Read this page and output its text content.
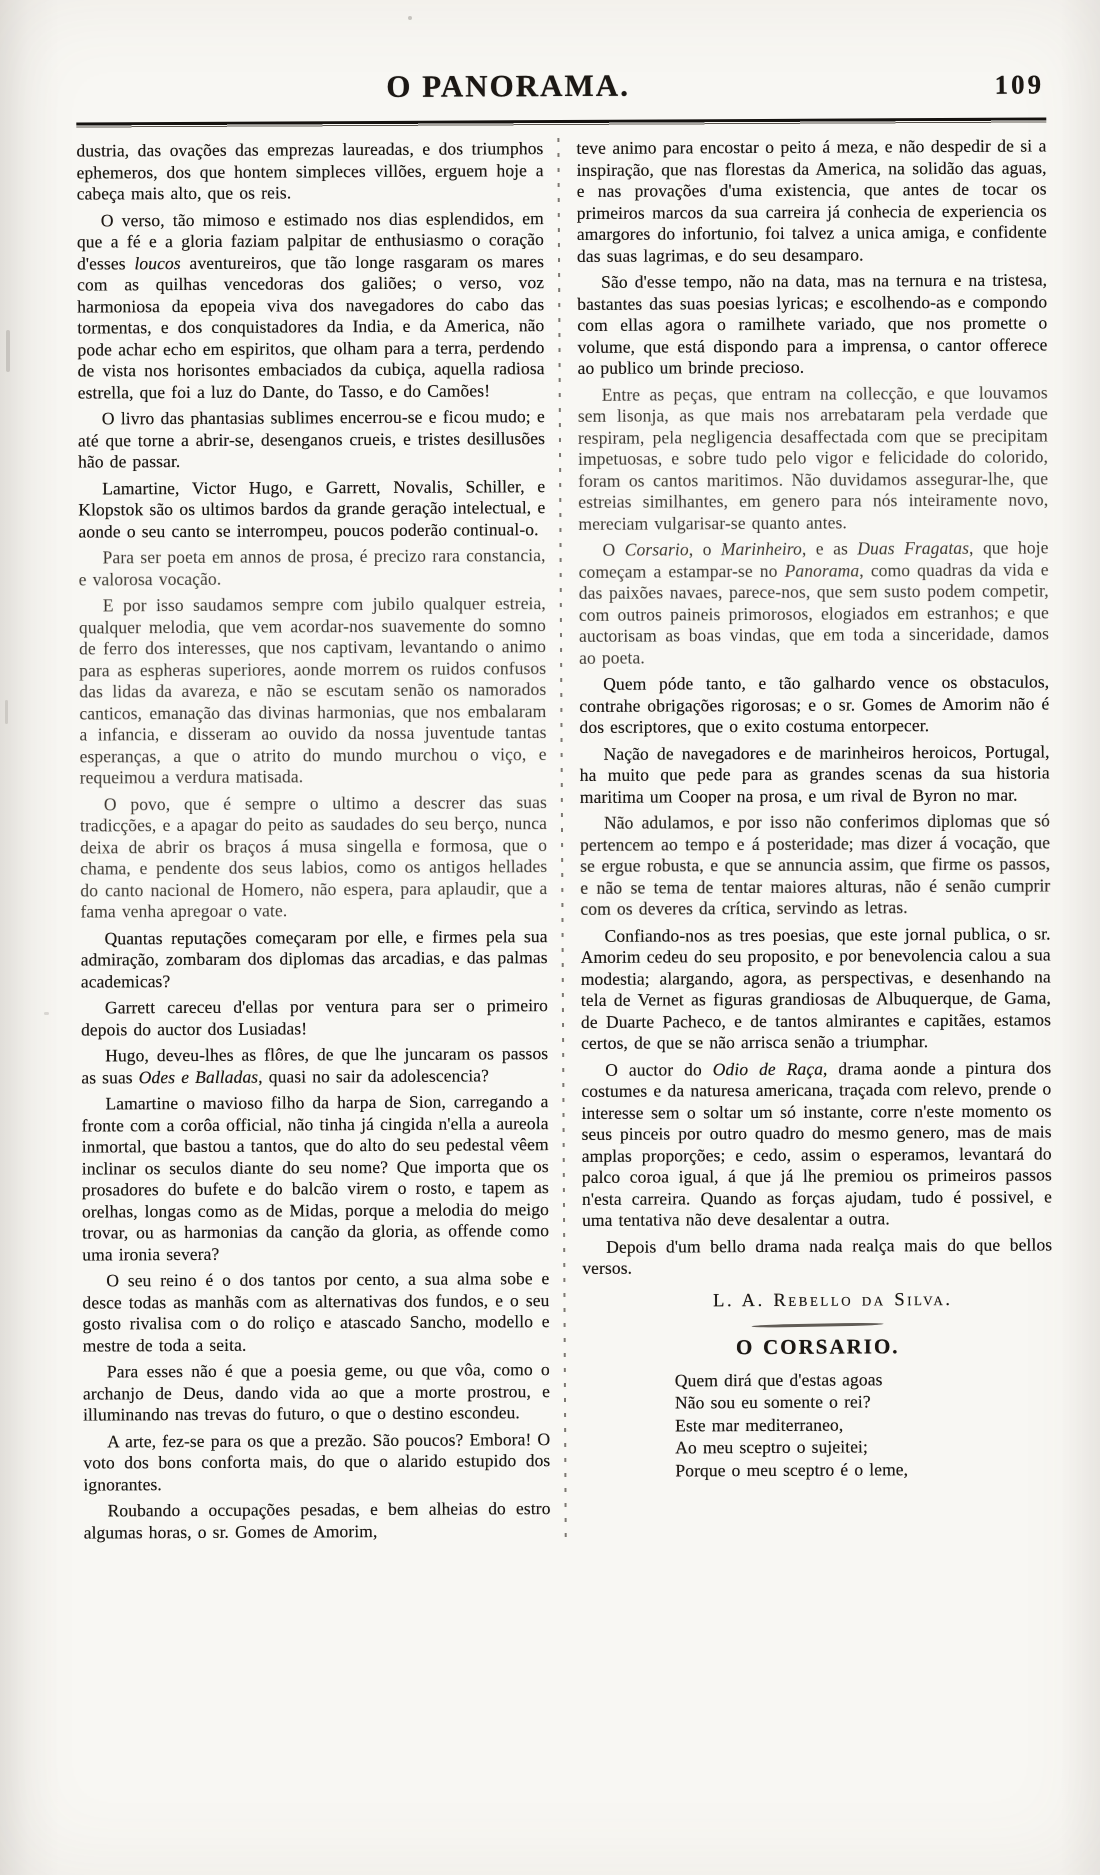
O PANORAMA.	109

dustria, das ovações das emprezas laureadas, e dos triumphos ephemeros, dos que hontem simpleces villões, erguem hoje a cabeça mais alto, que os reis.

O verso, tão mimoso e estimado nos dias esplendidos, em que a fé e a gloria faziam palpitar de enthusiasmo o coração d'esses loucos aventureiros, que tão longe rasgaram os mares com as quilhas vencedoras dos galiões; o verso, voz harmoniosa da epopeia viva dos navegadores do cabo das tormentas, e dos conquistadores da India, e da America, não pode achar echo em espiritos, que olham para a terra, perdendo de vista nos horisontes embaciados da cubiça, aquella radiosa estrella, que foi a luz do Dante, do Tasso, e do Camões!

O livro das phantasias sublimes encerrou-se e ficou mudo; e até que torne a abrir-se, desenganos crueis, e tristes desillusões hão de passar.

Lamartine, Victor Hugo, e Garrett, Novalis, Schiller, e Klopstok são os ultimos bardos da grande geração intelectual, e aonde o seu canto se interrompeu, poucos poderão continual-o.

Para ser poeta em annos de prosa, é precizo rara constancia, e valorosa vocação.

E por isso saudamos sempre com jubilo qualquer estreia, qualquer melodia, que vem acordar-nos suavemente do somno de ferro dos interesses, que nos captivam, levantando o animo para as espheras superiores, aonde morrem os ruidos confusos das lidas da avareza, e não se escutam senão os namorados canticos, emanação das divinas harmonias, que nos embalaram a infancia, e disseram ao ouvido da nossa juventude tantas esperanças, a que o atrito do mundo murchou o viço, e requeimou a verdura matisada.

O povo, que é sempre o ultimo a descrer das suas tradicções, e a apagar do peito as saudades do seu berço, nunca deixa de abrir os braços á musa singella e formosa, que o chama, e pendente dos seus labios, como os antigos hellades do canto nacional de Homero, não espera, para aplaudir, que a fama venha apregoar o vate.

Quantas reputações começaram por elle, e firmes pela sua admiração, zombaram dos diplomas das arcadias, e das palmas academicas?

Garrett careceu d'ellas por ventura para ser o primeiro depois do auctor dos Lusiadas!

Hugo, deveu-lhes as flôres, de que lhe juncaram os passos as suas Odes e Balladas, quasi no sair da adolescencia?

Lamartine o mavioso filho da harpa de Sion, carregando a fronte com a corôa official, não tinha já cingida n'ella a aureola inmortal, que bastou a tantos, que do alto do seu pedestal vêem inclinar os seculos diante do seu nome? Que importa que os prosadores do bufete e do balcão virem o rosto, e tapem as orelhas, longas como as de Midas, porque a melodia do meigo trovar, ou as harmonias da canção da gloria, as offende como uma ironia severa?

O seu reino é o dos tantos por cento, a sua alma sobe e desce todas as manhãs com as alternativas dos fundos, e o seu gosto rivalisa com o do roliço e atascado Sancho, modello e mestre de toda a seita.

Para esses não é que a poesia geme, ou que vôa, como o archanjo de Deus, dando vida ao que a morte prostrou, e illuminando nas trevas do futuro, o que o destino escondeu.

A arte, fez-se para os que a prezão. São poucos? Embora! O voto dos bons conforta mais, do que o alarido estupido dos ignorantes.

Roubando a occupações pesadas, e bem alheias do estro algumas horas, o sr. Gomes de Amorim,

teve animo para encostar o peito á meza, e não despedir de si a inspiração, que nas florestas da America, na solidão das aguas, e nas provações d'uma existencia, que antes de tocar os primeiros marcos da sua carreira já conhecia de experiencia os amargores do infortunio, foi talvez a unica amiga, e confidente das suas lagrimas, e do seu desamparo.

São d'esse tempo, não na data, mas na ternura e na tristesa, bastantes das suas poesias lyricas; e escolhendo-as e compondo com ellas agora o ramilhete variado, que nos promette o volume, que está dispondo para a imprensa, o cantor offerece ao publico um brinde precioso.

Entre as peças, que entram na collecção, e que louvamos sem lisonja, as que mais nos arrebataram pela verdade que respiram, pela negligencia desaffectada com que se precipitam impetuosas, e sobre tudo pelo vigor e felicidade do colorido, foram os cantos maritimos. Não duvidamos assegurar-lhe, que estreias similhantes, em genero para nós inteiramente novo, mereciam vulgarisar-se quanto antes.

O Corsario, o Marinheiro, e as Duas Fragatas, que hoje começam a estampar-se no Panorama, como quadras da vida e das paixões navaes, parece-nos, que sem susto podem competir, com outros paineis primorosos, elogiados em estranhos; e que auctorisam as boas vindas, que em toda a sinceridade, damos ao poeta.

Quem póde tanto, e tão galhardo vence os obstaculos, contrahe obrigações rigorosas; e o sr. Gomes de Amorim não é dos escriptores, que o exito costuma entorpecer.

Nação de navegadores e de marinheiros heroicos, Portugal, ha muito que pede para as grandes scenas da sua historia maritima um Cooper na prosa, e um rival de Byron no mar.

Não adulamos, e por isso não conferimos diplomas que só pertencem ao tempo e á posteridade; mas dizer á vocação, que se ergue robusta, e que se annuncia assim, que firme os passos, e não se tema de tentar maiores alturas, não é senão cumprir com os deveres da crítica, servindo as letras.

Confiando-nos as tres poesias, que este jornal publica, o sr. Amorim cedeu do seu proposito, e por benevolencia calou a sua modestia; alargando, agora, as perspectivas, e desenhando na tela de Vernet as figuras grandiosas de Albuquerque, de Gama, de Duarte Pacheco, e de tantos almirantes e capitães, estamos certos, de que se não arrisca senão a triumphar.

O auctor do Odio de Raça, drama aonde a pintura dos costumes e da naturesa americana, traçada com relevo, prende o interesse sem o soltar um só instante, corre n'este momento os seus pinceis por outro quadro do mesmo genero, mas de mais amplas proporções; e cedo, assim o esperamos, levantará do palco coroa igual, á que já lhe premiou os primeiros passos n'esta carreira. Quando as forças ajudam, tudo é possivel, e uma tentativa não deve desalentar a outra.

Depois d'um bello drama nada realça mais do que bellos versos.

L. A. Rebello da Silva.
O CORSARIO.
Quem dirá que d'estas agoas
Não sou eu somente o rei?
Este mar mediterraneo,
Ao meu sceptro o sujeitei;
Porque o meu sceptro é o leme,
